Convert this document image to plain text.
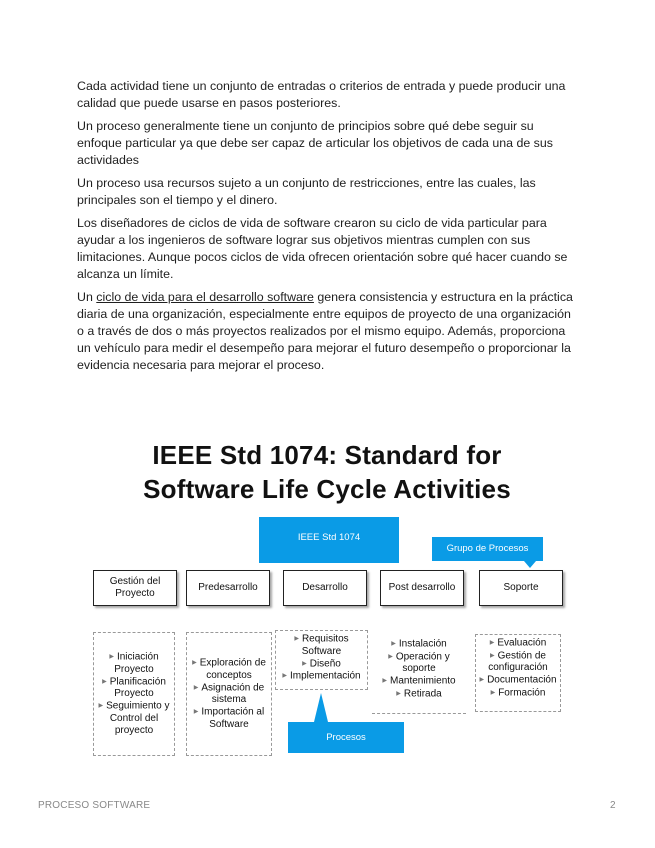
Cada actividad tiene un conjunto de entradas o criterios de entrada y puede producir una calidad que puede usarse en pasos posteriores.

Un proceso generalmente tiene un conjunto de principios sobre qué debe seguir su enfoque particular ya que debe ser capaz de articular los objetivos de cada una de sus actividades

Un proceso usa recursos sujeto a un conjunto de restricciones, entre las cuales, las principales son el tiempo y el dinero.

Los diseñadores de ciclos de vida de software crearon su ciclo de vida particular para ayudar a los ingenieros de software lograr sus objetivos mientras cumplen con sus limitaciones. Aunque pocos ciclos de vida ofrecen orientación sobre qué hacer cuando se alcanza un límite.

Un ciclo de vida para el desarrollo software genera consistencia y estructura en la práctica diaria de una organización, especialmente entre equipos de proyecto de una organización o a través de dos o más proyectos realizados por el mismo equipo. Además, proporciona un vehículo para medir el desempeño para mejorar el futuro desempeño o proporcionar la evidencia necesaria para mejorar el proceso.

IEEE Std 1074: Standard for
Software Life Cycle Activities
IEEE Std 1074
Grupo de Procesos
Gestión del Proyecto
Predesarrollo	Desarrollo	Post desarrollo	Soporte
▶ Iniciación Proyecto
▶ Planificación Proyecto
▶ Seguimiento y Control del proyecto
▶ Exploración de conceptos
▶ Asignación de sistema
▶ Importación al Software
▶ Requisitos Software
▶ Diseño
▶ Implementación
▶ Instalación
▶ Operación y soporte
▶ Mantenimiento
▶ Retirada
▶ Evaluación
▶ Gestión de configuración
▶ Documentación
▶ Formación
Procesos
PROCESO SOFTWARE	2
